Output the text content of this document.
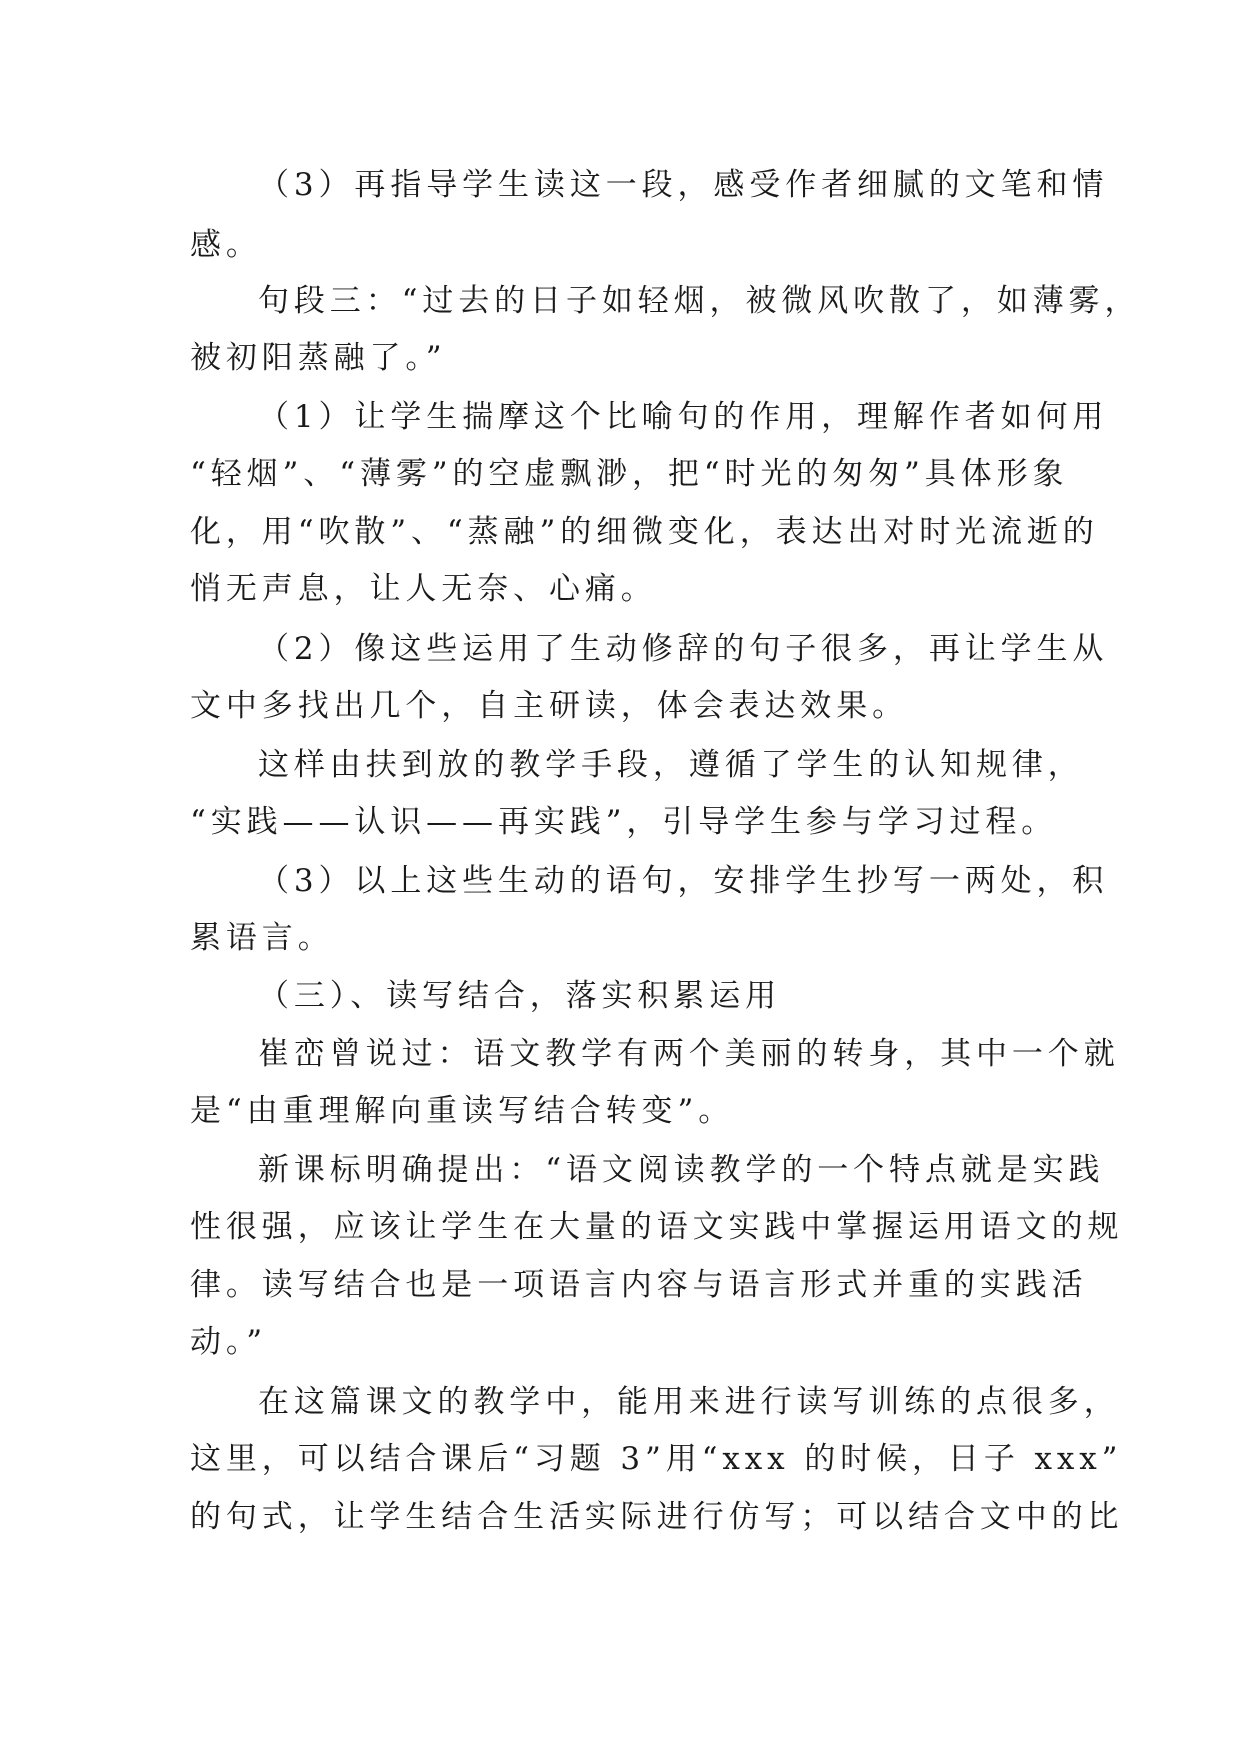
（3）再指导学生读这一段，感受作者细腻的文笔和情

感。

句段三：“过去的日子如轻烟，被微风吹散了，如薄雾，

被初阳蒸融了。”

（1）让学生揣摩这个比喻句的作用，理解作者如何用

“轻烟”、“薄雾”的空虚飘渺，把“时光的匆匆”具体形象

化，用“吹散”、“蒸融”的细微变化，表达出对时光流逝的

悄无声息，让人无奈、心痛。

（2）像这些运用了生动修辞的句子很多，再让学生从

文中多找出几个，自主研读，体会表达效果。

这样由扶到放的教学手段，遵循了学生的认知规律，

“实践——认识——再实践”，引导学生参与学习过程。

（3）以上这些生动的语句，安排学生抄写一两处，积

累语言。

（三）、读写结合，落实积累运用

崔峦曾说过：语文教学有两个美丽的转身，其中一个就

是“由重理解向重读写结合转变”。

新课标明确提出：“语文阅读教学的一个特点就是实践

性很强，应该让学生在大量的语文实践中掌握运用语文的规

律。读写结合也是一项语言内容与语言形式并重的实践活

动。”

在这篇课文的教学中，能用来进行读写训练的点很多，

这里，可以结合课后“习题 3”用“xxx 的时候，日子 xxx”

的句式，让学生结合生活实际进行仿写；可以结合文中的比
